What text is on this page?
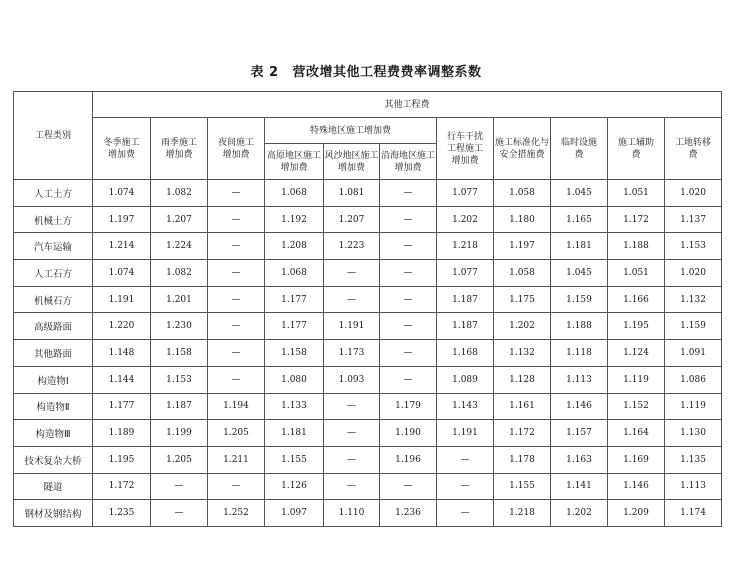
表 2 营改增其他工程费费率调整系数
工程类别	其他工程费										
	冬季施工增加费	雨季施工增加费	夜间施工增加费	特殊地区施工增加费			行车干扰工程施工增加费	施工标准化与安全措施费	临时设施费	施工辅助费	工地转移费
				高原地区施工增加费	风沙地区施工增加费	沿海地区施工增加费					
人工土方	1.074	1.082	—	1.068	1.081	—	1.077	1.058	1.045	1.051	1.020
机械土方	1.197	1.207	—	1.192	1.207	—	1.202	1.180	1.165	1.172	1.137
汽车运输	1.214	1.224	—	1.208	1.223	—	1.218	1.197	1.181	1.188	1.153
人工石方	1.074	1.082	—	1.068	—	—	1.077	1.058	1.045	1.051	1.020
机械石方	1.191	1.201	—	1.177	—	—	1.187	1.175	1.159	1.166	1.132
高级路面	1.220	1.230	—	1.177	1.191	—	1.187	1.202	1.188	1.195	1.159
其他路面	1.148	1.158	—	1.158	1.173	—	1.168	1.132	1.118	1.124	1.091
构造物Ⅰ	1.144	1.153	—	1.080	1.093	—	1.089	1.128	1.113	1.119	1.086
构造物Ⅱ	1.177	1.187	1.194	1.133	—	1.179	1.143	1.161	1.146	1.152	1.119
构造物Ⅲ	1.189	1.199	1.205	1.181	—	1.190	1.191	1.172	1.157	1.164	1.130
技术复杂大桥	1.195	1.205	1.211	1.155	—	1.196	—	1.178	1.163	1.169	1.135
隧道	1.172	—	—	1.126	—	—	—	1.155	1.141	1.146	1.113
钢材及钢结构	1.235	—	1.252	1.097	1.110	1.236	—	1.218	1.202	1.209	1.174
